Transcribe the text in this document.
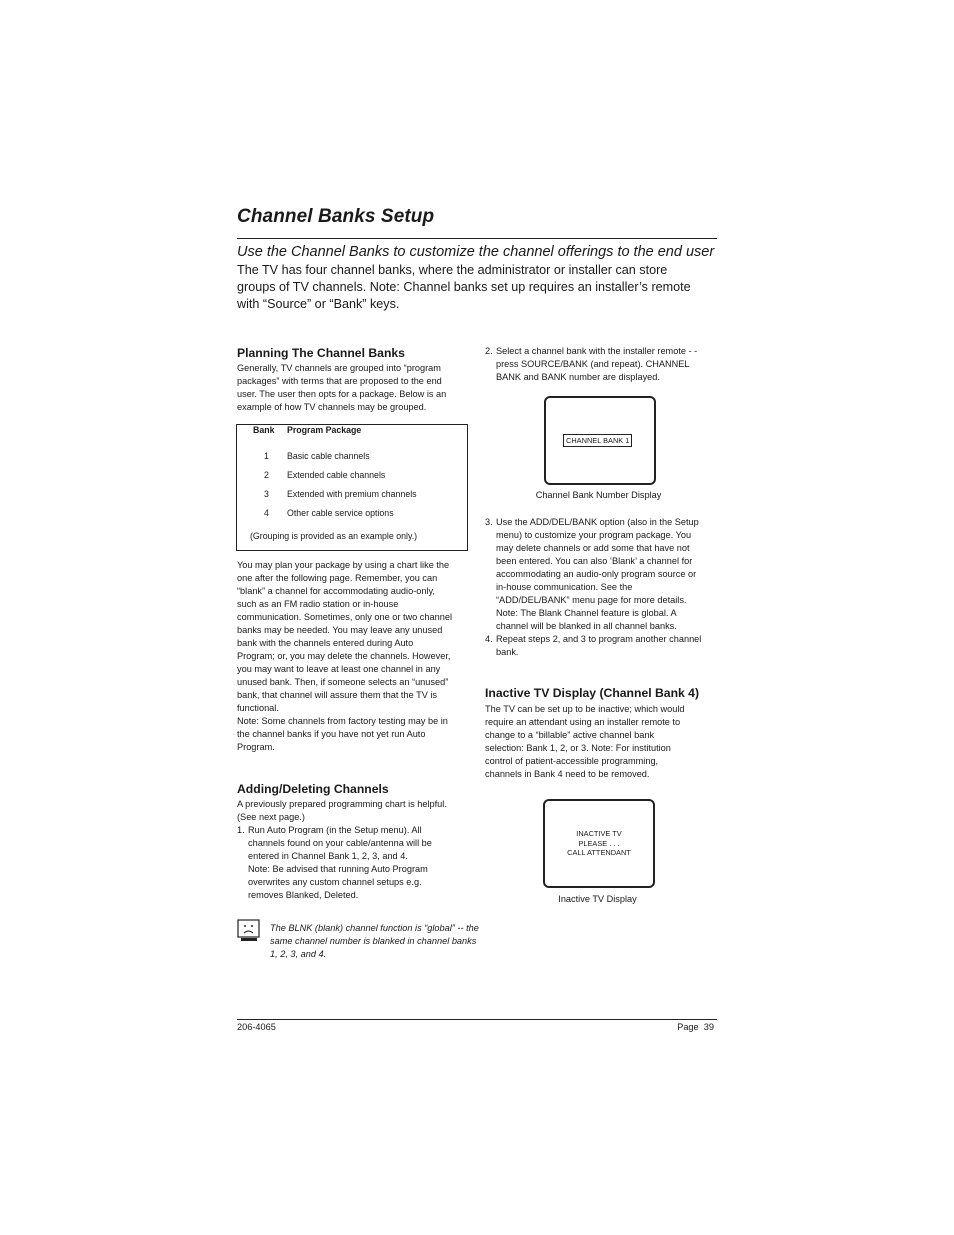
Channel Banks Setup
Use the Channel Banks to customize the channel offerings to the end user

The TV has four channel banks, where the administrator or installer can store groups of TV channels. Note: Channel banks set up requires an installer’s remote with “Source” or “Bank” keys.

Planning The Channel Banks

Generally, TV channels are grouped into “program packages” with terms that are proposed to the end user. The user then opts for a package. Below is an example of how TV channels may be grouped.

Bank Program Package
1 Basic cable channels
2 Extended cable channels
3 Extended with premium channels
4 Other cable service options
(Grouping is provided as an example only.)

You may plan your package by using a chart like the one after the following page. Remember, you can “blank” a channel for accommodating audio-only, such as an FM radio station or in-house communication. Sometimes, only one or two channel banks may be needed. You may leave any unused bank with the channels entered during Auto Program; or, you may delete the channels. However, you may want to leave at least one channel in any unused bank. Then, if someone selects an “unused” bank, that channel will assure them that the TV is functional.

Note: Some channels from factory testing may be in the channel banks if you have not yet run Auto Program.

Adding/Deleting Channels

A previously prepared programming chart is helpful. (See next page.)

1. Run Auto Program (in the Setup menu). All channels found on your cable/antenna will be entered in Channel Bank 1, 2, 3, and 4.
Note: Be advised that running Auto Program overwrites any custom channel setups e.g. removes Blanked, Deleted.
The BLNK (blank) channel function is “global” -- the same channel number is blanked in channel banks 1, 2, 3, and 4.
2. Select a channel bank with the installer remote - - press SOURCE/BANK (and repeat). CHANNEL BANK and BANK number are displayed.
CHANNEL BANK 1
Channel Bank Number Display
3. Use the ADD/DEL/BANK option (also in the Setup menu) to customize your program package. You may delete channels or add some that have not been entered. You can also ‘Blank’ a channel for accommodating an audio-only program source or in-house communication. See the “ADD/DEL/BANK” menu page for more details. Note: The Blank Channel feature is global. A channel will be blanked in all channel banks.
4. Repeat steps 2, and 3 to program another channel bank.
Inactive TV Display (Channel Bank 4)

The TV can be set up to be inactive; which would require an attendant using an installer remote to change to a “billable” active channel bank selection: Bank 1, 2, or 3. Note: For institution control of patient-accessible programming, channels in Bank 4 need to be removed.

INACTIVE TV
PLEASE . . .
CALL ATTENDANT
Inactive TV Display
206-4065	Page 39
